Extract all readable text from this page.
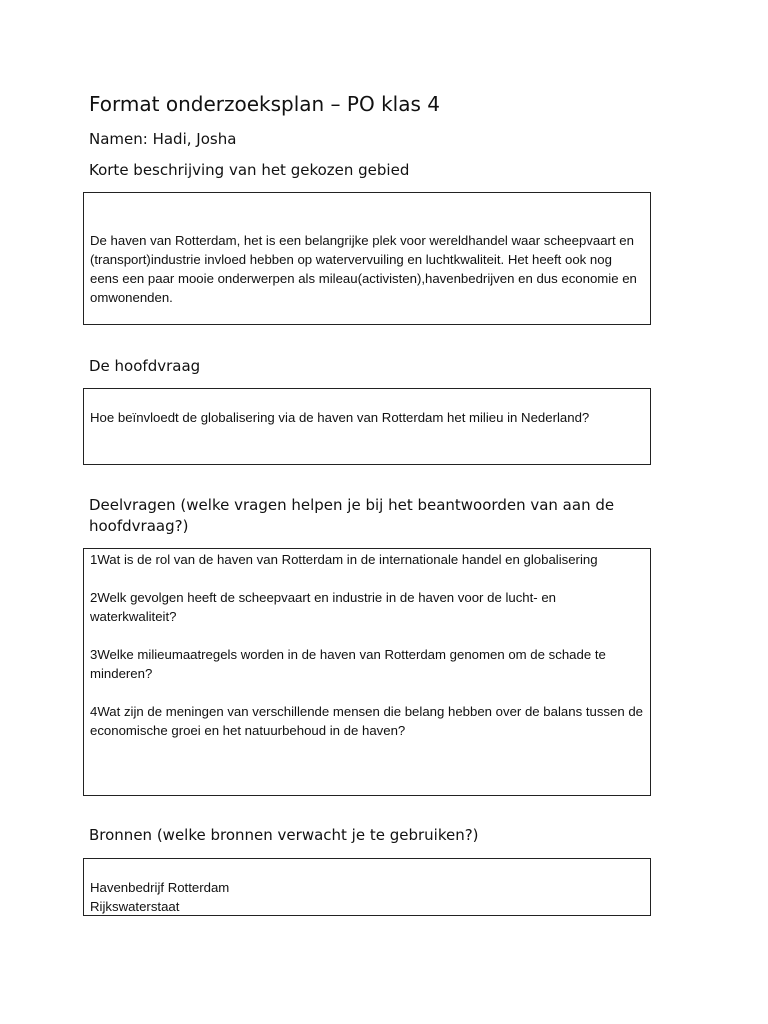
Format onderzoeksplan – PO klas 4

Namen: Hadi, Josha

Korte beschrijving van het gekozen gebied

De haven van Rotterdam, het is een belangrijke plek voor wereldhandel waar scheepvaart en (transport)industrie invloed hebben op watervervuiling en luchtkwaliteit. Het heeft ook nog eens een paar mooie onderwerpen als mileau(activisten),havenbedrijven en dus economie en omwonenden.

De hoofdvraag

Hoe beïnvloedt de globalisering via de haven van Rotterdam het milieu in Nederland?

Deelvragen (welke vragen helpen je bij het beantwoorden van aan de
hoofdvraag?)

1Wat is de rol van de haven van Rotterdam in de internationale handel en globalisering

2Welk gevolgen heeft de scheepvaart en industrie in de haven voor de lucht- en waterkwaliteit?

3Welke milieumaatregels worden in de haven van Rotterdam genomen om de schade te minderen?

4Wat zijn de meningen van verschillende mensen die belang hebben over de balans tussen de economische groei en het natuurbehoud in de haven?

Bronnen (welke bronnen verwacht je te gebruiken?)

Havenbedrijf Rotterdam

Rijkswaterstaat
